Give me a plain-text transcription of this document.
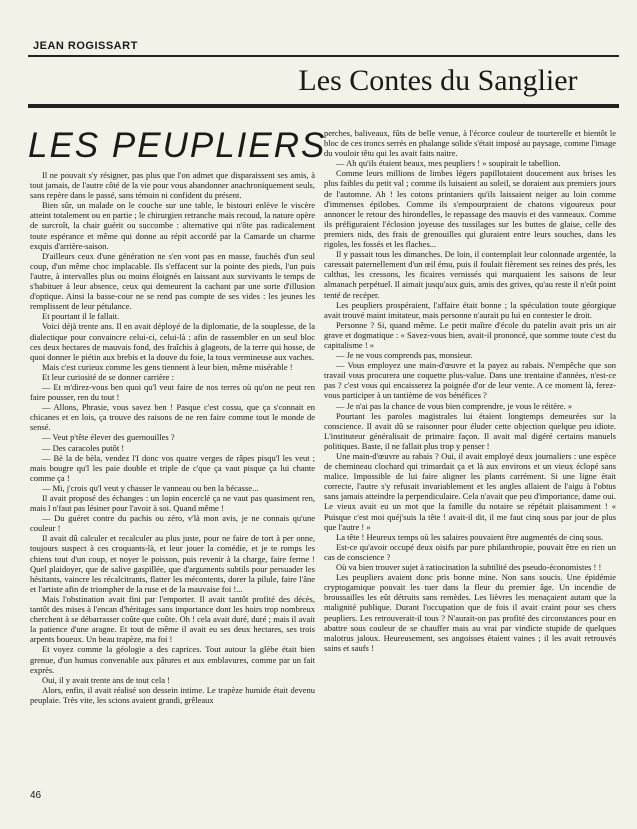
JEAN ROGISSART
Les Contes du Sanglier
LES PEUPLIERS

Il ne pouvait s'y résigner, pas plus que l'on admet que disparaissent ses amis, à tout jamais, de l'autre côté de la vie pour vous abandonner anachroniquement seuls, sans repère dans le passé, sans témoin ni confident du présent.

Bien sûr, un malade on le couche sur une table, le bistouri enlève le viscère atteint totalement ou en partie ; le chirurgien retranche mais recoud, la nature opère de surcroît, la chair guérit ou succombe : alternative qui n'ôte pas radicalement toute espérance et même qui donne au répit accordé par la Camarde un charme exquis d'arrière-saison.

D'ailleurs ceux d'une génération ne s'en vont pas en masse, fauchés d'un seul coup, d'un même choc implacable. Ils s'effacent sur la pointe des pieds, l'un puis l'autre, à intervalles plus ou moins éloignés en laissant aux survivants le temps de s'habituer à leur absence, ceux qui demeurent la cachant par une sorte d'illusion d'optique. Ainsi la basse-cour ne se rend pas compte de ses vides : les jeunes les remplissent de leur pétulance.

Et pourtant il le fallait.

Voici déjà trente ans. Il en avait déployé de la diplomatie, de la souplesse, de la dialectique pour convaincre celui-ci, celui-là : afin de rassembler en un seul bloc ces deux hectares de mauvais fond, des fraîchis à glageots, de la terre qui hosse, de quoi donner le piétin aux brebis et la douve du foie, la toux vermineuse aux vaches.

Mais c'est curieux comme les gens tiennent à leur bien, même misérable !

Et leur curiosité de se donner carrière :

— Et m'direz-vous ben quoi qu'l veut faire de nos terres où qu'on ne peut ren faire pousser, ren du tout !

— Allons, Phrasie, vous savez ben ! Pasque c'est cossu, que ça s'connait en chicanes et en lois, ça trouve des raisons de ne ren faire comme tout le monde de sensé.

— Veut p'tête élever des guernouilles ?

— Des caracoles putôt !

— Bè la de bèla, vendez l'I donc vos quatre verges de râpes pisqu'l les veut ; mais bougre qu'l les paie double et triple de c'que ça vaut pisque ça lui chante comme ça !

— Mi, j'crois qu'l veut y chasser le vanneau ou ben la bécasse...

Il avait proposé des échanges : un lopin encerclé ça ne vaut pas quasiment ren, mais l n'faut pas lésiner pour l'avoir à soi. Quand même !

— Du guéret contre du pachis ou zéro, v'là mon avis, je ne connais qu'une couleur !

Il avait dû calculer et recalculer au plus juste, pour ne faire de tort à per onne, toujours suspect à ces croquants-là, et leur jouer la comédie, et je te romps les chiens tout d'un coup, et noyer le poisson, puis revenir à la charge, faire ferme ! Quel plaidoyer, que de salive gaspillée, que d'arguments subtils pour persuader les hésitants, vaincre les récalcitrants, flatter les mécontents, dorer la pilule, faire l'âne et l'artiste afin de triompher de la ruse et de la mauvaise foi !...

Mais l'obstination avait fini par l'emporter. Il avait tantôt profité des décès, tantôt des mises à l'encan d'héritages sans importance dont les hoirs trop nombreux cherchent à se débarrasser coûte que coûte. Oh ! cela avait duré, duré ; mais il avait la patience d'une aragne. Et tout de même il avait eu ses deux hectares, ses trois arpents boueux. Un beau trapèze, ma foi !

Et voyez comme la géologie a des caprices. Tout autour la glèbe était bien grenue, d'un humus convenable aux pâtures et aux emblavures, comme par un fait exprès.

Oui, il y avait trente ans de tout cela !

Alors, enfin, il avait réalisé son dessein intime. Le trapèze humide était devenu peuplaie. Très vite, les scions avaient grandi, grêleaux

perches, baliveaux, fûts de belle venue, à l'écorce couleur de tourterelle et bientôt le bloc de ces troncs serrés en phalange solide s'était imposé au paysage, comme l'image du vouloir têtu qui les avait faits naitre.

— Ah qu'ils étaient beaux, mes peupliers ! » soupirait le tabellion.

Comme leurs millions de limbes légers papillotaient doucement aux brises les plus faibles du petit val ; comme ils luisaient au soleil, se doraient aux premiers jours de l'automne. Ah ! les cotons printaniers qu'ils laissaient neiger au loin comme d'immenses épilobes. Comme ils s'empourpraient de chatons vigoureux pour annoncer le retour des hirondelles, le repassage des mauvis et des vanneaux. Comme ils préfiguraient l'éclosion joyeuse des tussilages sur les buttes de glaise, celle des premiers nids, des frais de grenouilles qui gluraient entre leurs souches, dans les rigoles, les fossés et les flaches...

Il y passait tous les dimanches. De loin, il contemplait leur colonnade argentée, la caressait paternellement d'un œil ému, puis il foulait fièrement ses reines des prés, les calthas, les cressons, les ficaires vernissés qui marquaient les saisons de leur almanach perpétuel. Il aimait jusqu'aux guis, amis des grives, qu'au reste il n'eût point tenté de recéper.

Les peupliers prospéraient, l'affaire était bonne ; la spéculation toute géorgique avait trouvé maint imitateur, mais personne n'aurait pu lui en contester le droit.

Personne ? Si, quand même. Le petit maître d'école du patelin avait pris un air grave et dogmatique : « Savez-vous bien, avait-il prononcé, que somme toute c'est du capitalisme ! »

— Je ne vous comprends pas, monsieur.

— Vous employez une main-d'œuvre et la payez au rabais. N'empêche que son travail vous procurera une coquette plus-value. Dans une trentaine d'années, n'est-ce pas ? c'est vous qui encaisserez la poignée d'or de leur vente. A ce moment là, ferez-vous participer à un tantième de vos bénéfices ?

— Je n'ai pas la chance de vous bien comprendre, je vous le réitère. »

Pourtant les paroles magistrales lui étaient longtemps demeurées sur la conscience. Il avait dû se raisonner pour éluder cette objection quelque peu idiote. L'instituteur généralisait de primaire façon. Il avait mal digéré certains manuels politiques. Baste, il ne fallait plus trop y penser !

Une main-d'œuvre au rabais ? Oui, il avait employé deux journaliers : une espèce de chemineau clochard qui trimardait ça et là aux environs et un vieux éclopé sans malice. Impossible de lui faire aligner les plants carrément. Si une ligne était correcte, l'autre s'y refusait invariablement et les angles allaient de l'aigu à l'obtus sans jamais atteindre la perpendiculaire. Cela n'avait que peu d'importance, dame oui. Le vieux avait eu un mot que la famille du notaire se répétait plaisamment ! « Puisque c'est moi quéj'suis la tête ! avait-il dit, il me faut cinq sous par jour de plus que l'autre ! »

La tête ! Heureux temps où les salaires pouvaient être augmentés de cinq sous.

Est-ce qu'avoir occupé deux oisifs par pure philanthropie, pouvait être en rien un cas de conscience ?

Où va bien trouver sujet à ratiocination la subtilité des pseudo-économistes ! !

Les peupliers avaient donc pris bonne mine. Non sans soucis. Une épidémie cryptogamique pouvait les tuer dans la fleur du premier âge. Un incendie de broussailles les eût détruits sans remèdes. Les lièvres les menaçaient autant que la malignité publique. Durant l'occupation que de fois il avait craint pour ses chers peupliers. Les retrouverait-il tous ? N'aurait-on pas profité des circonstances pour en abattre sous couleur de se chauffer mais au vrai par vindicte stupide de quelques malotrus jaloux. Heureusement, ses angoisses étaient vaines ; il les avait retrouvés sains et saufs !

46
